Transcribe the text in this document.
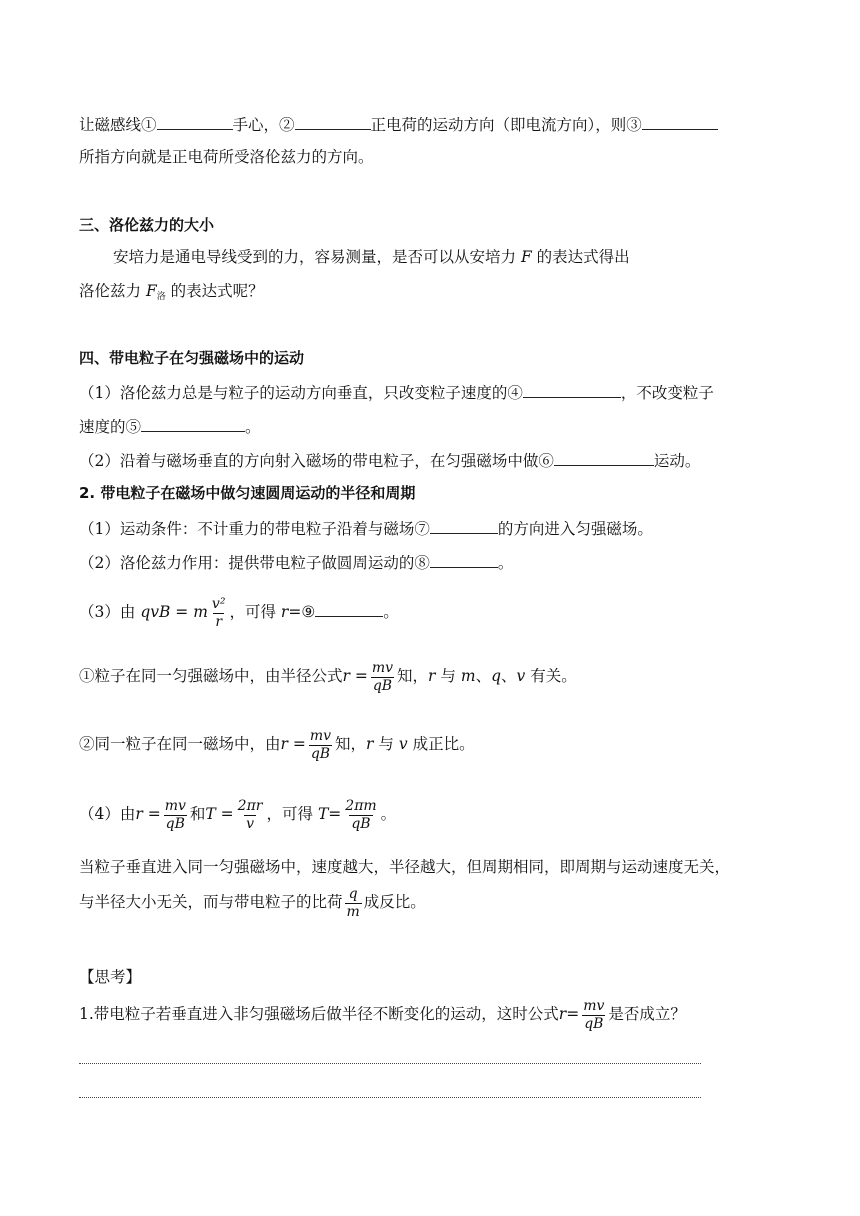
让磁感线①	手心，②	正电荷的运动方向（即电流方向），则③
所指方向就是正电荷所受洛伦兹力的方向。
三、洛伦兹力的大小
安培力是通电导线受到的力，容易测量，是否可以从安培力 F 的表达式得出
洛伦兹力 $F_洛$ 的表达式呢？
四、带电粒子在匀强磁场中的运动
（1）洛伦兹力总是与粒子的运动方向垂直，只改变粒子速度的④	，不改变粒子
速度的⑤	。
（2）沿着与磁场垂直的方向射入磁场的带电粒子，在匀强磁场中做⑥	运动。
2. 带电粒子在磁场中做匀速圆周运动的半径和周期
（1）运动条件：不计重力的带电粒子沿着与磁场⑦	的方向进入匀强磁场。
（2）洛伦兹力作用：提供带电粒子做圆周运动的⑧	。
（3）由 qvB = m $\frac{\text{v²}}{r}$ ，可得 r=⑨	。
①粒子在同一匀强磁场中，由半径公式$r = \frac{mv}{qB}$ 知，r 与 m、q、v 有关。
②同一粒子在同一磁场中，由$r = \frac{mv}{qB}$ 知，r 与 v 成正比。
（4）由$r = \frac{mv}{qB}$ 和$T = \frac{2\pi r}{v}$ ，可得 $T= \frac{2\pi m}{qB}$ 。
当粒子垂直进入同一匀强磁场中，速度越大，半径越大，但周期相同，即周期与运动速度无关，
与半径大小无关，而与带电粒子的比荷 $\frac{q}{m}$ 成反比。
【思考】
1.带电粒子若垂直进入非匀强磁场后做半径不断变化的运动，这时公式$r= \frac{mv}{qB}$ 是否成立？
